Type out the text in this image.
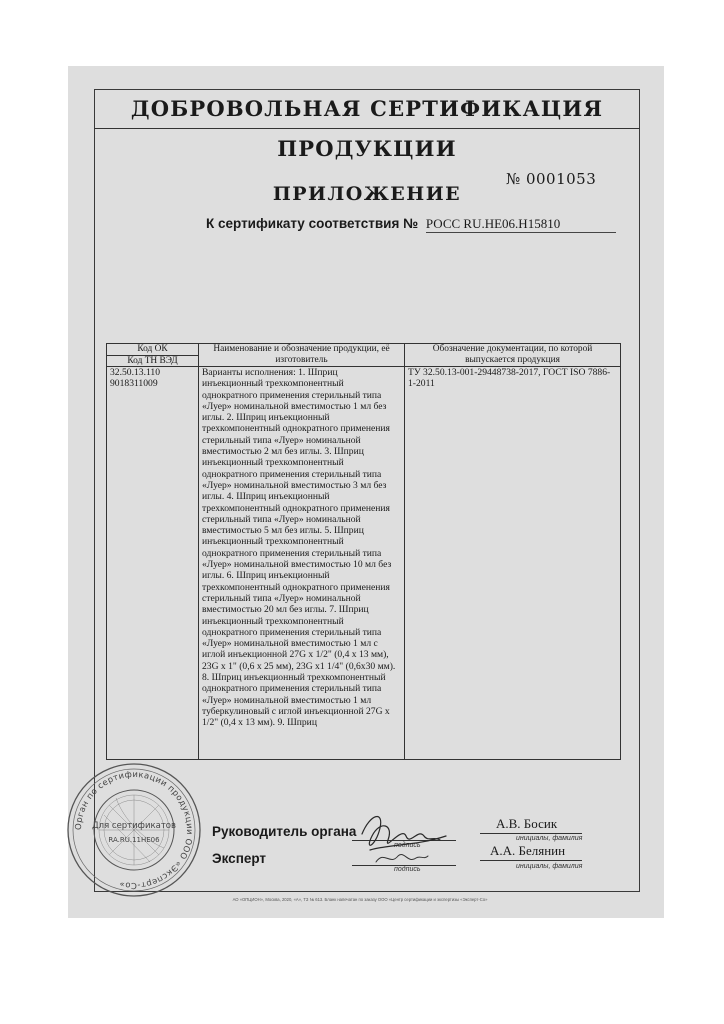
ДОБРОВОЛЬНАЯ СЕРТИФИКАЦИЯ ПРОДУКЦИИ
№ 0001053
ПРИЛОЖЕНИЕ
К сертификату соответствия № РОСС RU.HE06.H15810
Код ОК
Код ТН ВЭД	Наименование и обозначение продукции, её изготовитель	Обозначение документации, по которой выпускается продукция

32.50.13.110
9018311009	Варианты исполнения: 1. Шприц инъекционный трехкомпонентный однократного применения стерильный типа «Луер» номинальной вместимостью 1 мл без иглы. 2. Шприц инъекционный трехкомпонентный однократного применения стерильный типа «Луер» номинальной вместимостью 2 мл без иглы. 3. Шприц инъекционный трехкомпонентный однократного применения стерильный типа «Луер» номинальной вместимостью 3 мл без иглы. 4. Шприц инъекционный трехкомпонентный однократного применения стерильный типа «Луер» номинальной вместимостью 5 мл без иглы. 5. Шприц инъекционный трехкомпонентный однократного применения стерильный типа «Луер» номинальной вместимостью 10 мл без иглы. 6. Шприц инъекционный трехкомпонентный однократного применения стерильный типа «Луер» номинальной вместимостью 20 мл без иглы. 7. Шприц инъекционный трехкомпонентный однократного применения стерильный типа «Луер» номинальной вместимостью 1 мл с иглой инъекционной 27G x 1/2" (0,4 x 13 мм), 23G x 1" (0,6 x 25 мм), 23G x1 1/4" (0,6x30 мм). 8. Шприц инъекционный трехкомпонентный однократного применения стерильный типа «Луер» номинальной вместимостью 1 мл туберкулиновый с иглой инъекционной 27G x 1/2" (0,4 x 13 мм). 9. Шприц	ТУ 32.50.13-001-29448738-2017, ГОСТ ISO 7886-1-2011
Орган по сертификации продукции ООО «Эксперт-Со»
Для сертификатов
RA.RU.11HE06
Руководитель органа
подпись
А.В. Босик
инициалы, фамилия
Эксперт
подпись
А.А. Белянин
инициалы, фамилия
АО «ОПЦИОН», Москва, 2020, «А», ТЗ № 613. Бланк напечатан по заказу ООО «Центр сертификации и экспертизы «Эксперт-Со»
